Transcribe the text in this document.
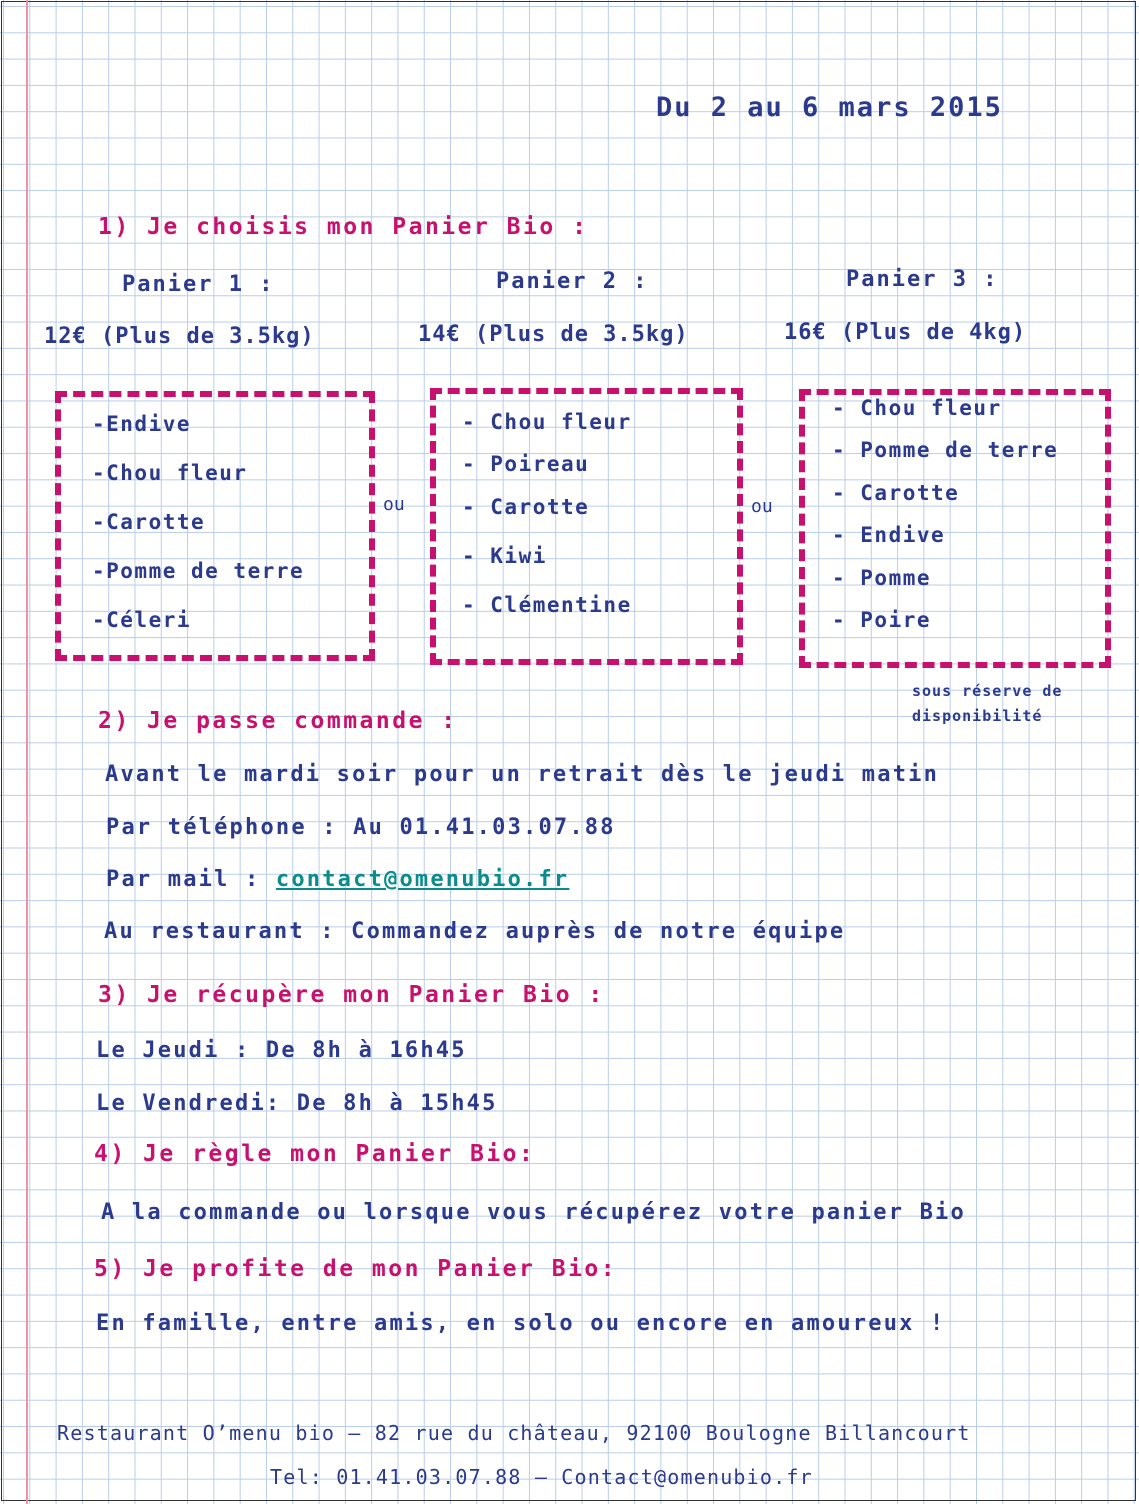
Du 2 au 6 mars 2015
1) Je choisis mon Panier Bio :
Panier 1 :
12€ (Plus de 3.5kg)
Panier 2 :
14€ (Plus de 3.5kg)
Panier 3 :
16€ (Plus de 4kg)
-Endive
-Chou fleur
-Carotte
-Pomme de terre
-Céleri
ou
- Chou fleur
- Poireau
- Carotte
- Kiwi
- Clémentine
ou
- Chou fleur
- Pomme de terre
- Carotte
- Endive
- Pomme
- Poire
sous réserve de
disponibilité
2) Je passe commande :
Avant le mardi soir pour un retrait dès le jeudi matin
Par téléphone : Au 01.41.03.07.88
Par mail : contact@omenubio.fr
Au restaurant : Commandez auprès de notre équipe
3) Je récupère mon Panier Bio :
Le Jeudi : De 8h à 16h45
Le Vendredi: De 8h à 15h45
4) Je règle mon Panier Bio:
A la commande ou lorsque vous récupérez votre panier Bio
5) Je profite de mon Panier Bio:
En famille, entre amis, en solo ou encore en amoureux !
Restaurant O’menu bio – 82 rue du château, 92100 Boulogne Billancourt
Tel: 01.41.03.07.88 – Contact@omenubio.fr
